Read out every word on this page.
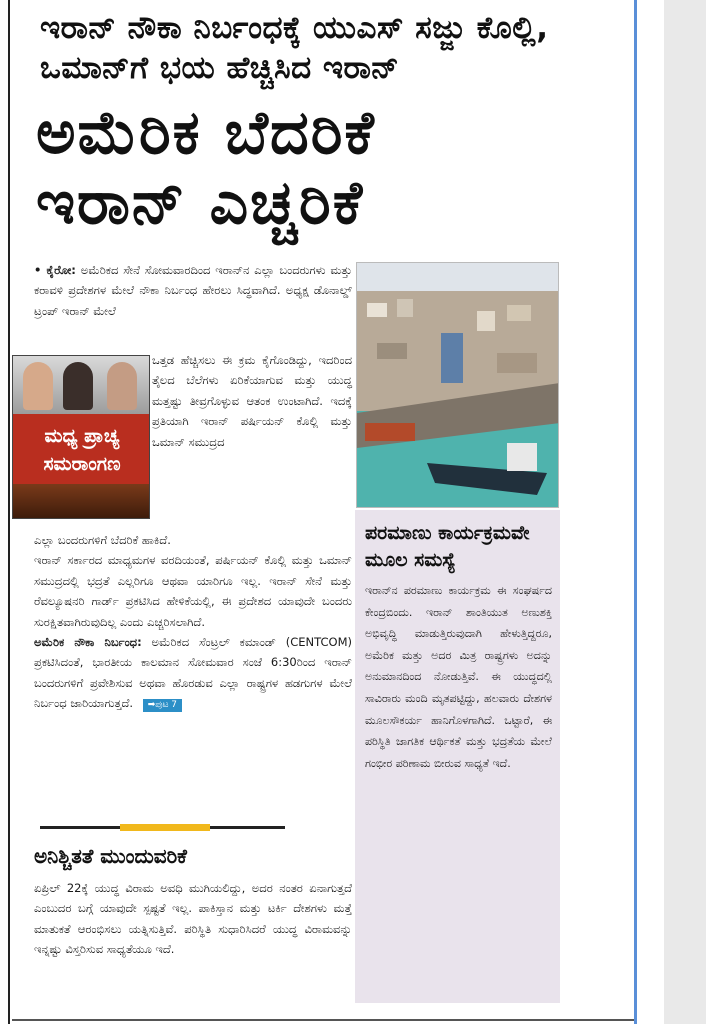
ಇರಾನ್ ನೌಕಾ ನಿರ್ಬಂಧಕ್ಕೆ ಯುಎಸ್ ಸಜ್ಜು ಕೊಲ್ಲಿ, ಒಮಾನ್‌ಗೆ ಭಯ ಹೆಚ್ಚಿಸಿದ ಇರಾನ್
ಅಮೆರಿಕ ಬೆದರಿಕೆ
ಇರಾನ್ ಎಚ್ಚರಿಕೆ

• ಕೈರೋ: ಅಮೆರಿಕದ ಸೇನೆ ಸೋಮವಾರದಿಂದ ಇರಾನ್‌ನ ಎಲ್ಲಾ ಬಂದರುಗಳು ಮತ್ತು ಕರಾವಳಿ ಪ್ರದೇಶಗಳ ಮೇಲೆ ನೌಕಾ ನಿರ್ಬಂಧ ಹೇರಲು ಸಿದ್ಧವಾಗಿದೆ. ಅಧ್ಯಕ್ಷ ಡೊನಾಲ್ಡ್ ಟ್ರಂಪ್ ಇರಾನ್ ಮೇಲೆ

ಮಧ್ಯ ಪ್ರಾಚ್ಯ
ಸಮರಾಂಗಣ
ಒತ್ತಡ ಹೆಚ್ಚಿಸಲು ಈ ಕ್ರಮ ಕೈಗೊಂಡಿದ್ದು, ಇದರಿಂದ ತೈಲದ ಬೆಲೆಗಳು ಏರಿಕೆಯಾಗುವ ಮತ್ತು ಯುದ್ಧ ಮತ್ತಷ್ಟು ತೀವ್ರಗೊಳ್ಳುವ ಆತಂಕ ಉಂಟಾಗಿದೆ. ಇದಕ್ಕೆ ಪ್ರತಿಯಾಗಿ ಇರಾನ್ ಪರ್ಷಿಯನ್ ಕೊಲ್ಲಿ ಮತ್ತು ಒಮಾನ್ ಸಮುದ್ರದ
ಪರಮಾಣು ಕಾರ್ಯಕ್ರಮವೇ ಮೂಲ ಸಮಸ್ಯೆ
ಇರಾನ್‌ನ ಪರಮಾಣು ಕಾರ್ಯಕ್ರಮ ಈ ಸಂಘರ್ಷದ ಕೇಂದ್ರಬಿಂದು. ಇರಾನ್ ಶಾಂತಿಯುತ ಅಣುಶಕ್ತಿ ಅಭಿವೃದ್ಧಿ ಮಾಡುತ್ತಿರುವುದಾಗಿ ಹೇಳುತ್ತಿದ್ದರೂ, ಅಮೆರಿಕ ಮತ್ತು ಅದರ ಮಿತ್ರ ರಾಷ್ಟ್ರಗಳು ಅದನ್ನು ಅನುಮಾನದಿಂದ ನೋಡುತ್ತಿವೆ. ಈ ಯುದ್ಧದಲ್ಲಿ ಸಾವಿರಾರು ಮಂದಿ ಮೃತಪಟ್ಟಿದ್ದು, ಹಲವಾರು ದೇಶಗಳ ಮೂಲಸೌಕರ್ಯ ಹಾನಿಗೊಳಗಾಗಿದೆ. ಒಟ್ಟಾರೆ, ಈ ಪರಿಸ್ಥಿತಿ ಜಾಗತಿಕ ಆರ್ಥಿಕತೆ ಮತ್ತು ಭದ್ರತೆಯ ಮೇಲೆ ಗಂಭೀರ ಪರಿಣಾಮ ಬೀರುವ ಸಾಧ್ಯತೆ ಇದೆ.

ಎಲ್ಲಾ ಬಂದರುಗಳಿಗೆ ಬೆದರಿಕೆ ಹಾಕಿದೆ.

ಇರಾನ್ ಸರ್ಕಾರದ ಮಾಧ್ಯಮಗಳ ವರದಿಯಂತೆ, ಪರ್ಷಿಯನ್ ಕೊಲ್ಲಿ ಮತ್ತು ಒಮಾನ್ ಸಮುದ್ರದಲ್ಲಿ ಭದ್ರತೆ ಎಲ್ಲರಿಗೂ ಆಥವಾ ಯಾರಿಗೂ ಇಲ್ಲ. ಇರಾನ್ ಸೇನೆ ಮತ್ತು ರೆವಲ್ಯೂಷನರಿ ಗಾರ್ಡ್ ಪ್ರಕಟಿಸಿದ ಹೇಳಿಕೆಯಲ್ಲಿ, ಈ ಪ್ರದೇಶದ ಯಾವುದೇ ಬಂದರು ಸುರಕ್ಷಿತವಾಗಿರುವುದಿಲ್ಲ ಎಂದು ಎಚ್ಚರಿಸಲಾಗಿದೆ.

ಅಮೆರಿಕ ನೌಕಾ ನಿರ್ಬಂಧ: ಅಮೆರಿಕದ ಸೆಂಟ್ರಲ್ ಕಮಾಂಡ್ (CENTCOM) ಪ್ರಕಟಿಸಿದಂತೆ, ಭಾರತೀಯ ಕಾಲಮಾನ ಸೋಮವಾರ ಸಂಜೆ 6:30ರಿಂದ ಇರಾನ್ ಬಂದರುಗಳಿಗೆ ಪ್ರವೇಶಿಸುವ ಅಥವಾ ಹೊರಡುವ ಎಲ್ಲಾ ರಾಷ್ಟ್ರಗಳ ಹಡಗುಗಳ ಮೇಲೆ ನಿರ್ಬಂಧ ಜಾರಿಯಾಗುತ್ತದೆ. ➡ಪುಟ 7

ಅನಿಶ್ಚಿತತೆ ಮುಂದುವರಿಕೆ
ಏಪ್ರಿಲ್ 22ಕ್ಕೆ ಯುದ್ಧ ವಿರಾಮ ಅವಧಿ ಮುಗಿಯಲಿದ್ದು, ಅದರ ನಂತರ ಏನಾಗುತ್ತದೆ ಎಂಬುದರ ಬಗ್ಗೆ ಯಾವುದೇ ಸ್ಪಷ್ಟತೆ ಇಲ್ಲ. ಪಾಕಿಸ್ತಾನ ಮತ್ತು ಟರ್ಕಿ ದೇಶಗಳು ಮತ್ತೆ ಮಾತುಕತೆ ಆರಂಭಿಸಲು ಯತ್ನಿಸುತ್ತಿವೆ. ಪರಿಸ್ಥಿತಿ ಸುಧಾರಿಸಿದರೆ ಯುದ್ಧ ವಿರಾಮವನ್ನು ಇನ್ನಷ್ಟು ವಿಸ್ತರಿಸುವ ಸಾಧ್ಯತೆಯೂ ಇದೆ.
